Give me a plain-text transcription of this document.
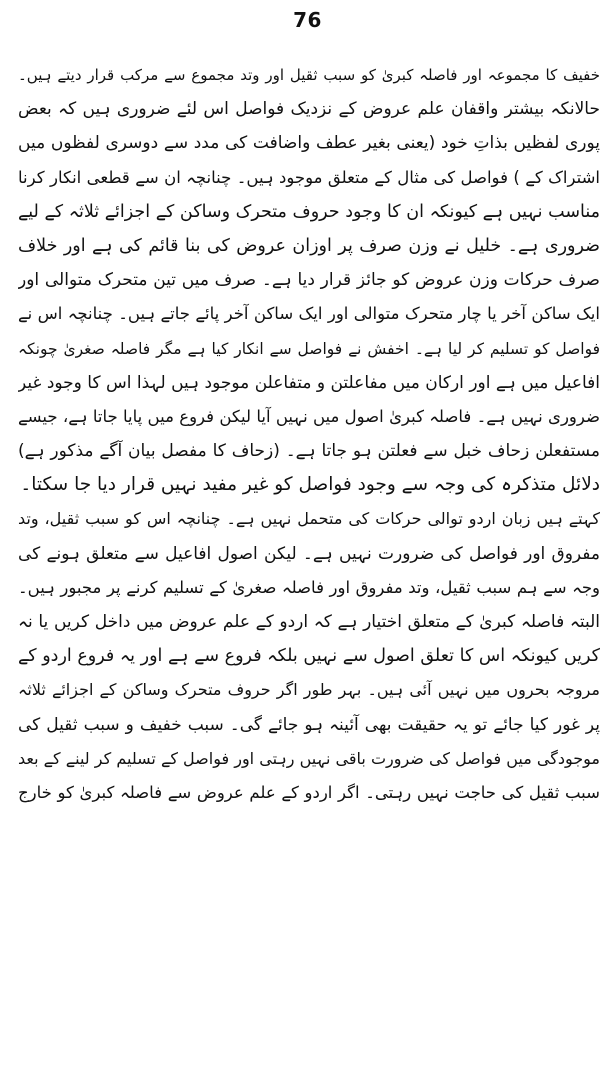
76
خفیف کا مجموعہ اور فاصلہ کبریٰ کو سبب ثقیل اور وتد مجموع سے مرکب قرار دیتے ہیں۔
حالانکہ بیشتر واقفان علم عروض کے نزدیک فواصل اس لئے ضروری ہیں کہ بعض
پوری لفظیں بذاتِ خود (یعنی بغیر عطف واضافت کی مدد سے دوسری لفظوں میں
اشتراک کے ) فواصل کی مثال کے متعلق موجود ہیں۔ چنانچہ ان سے قطعی انکار کرنا
مناسب نہیں ہے کیونکہ ان کا وجود حروف متحرک وساکن کے اجزائے ثلاثہ کے لیے
ضروری ہے۔ خلیل نے وزن صرف پر اوزان عروض کی بنا قائم کی ہے اور خلاف
صرف حرکات وزن عروض کو جائز قرار دیا ہے۔ صرف میں تین متحرک متوالی اور
ایک ساکن آخر یا چار متحرک متوالی اور ایک ساکن آخر پائے جاتے ہیں۔ چنانچہ اس نے
فواصل کو تسلیم کر لیا ہے۔ اخفش نے فواصل سے انکار کیا ہے مگر فاصلہ صغریٰ چونکہ
افاعیل میں ہے اور ارکان میں مفاعلتن و متفاعلن موجود ہیں لہذا اس کا وجود غیر
ضروری نہیں ہے۔ فاصلہ کبریٰ اصول میں نہیں آیا لیکن فروع میں پایا جاتا ہے، جیسے
مستفعلن زحاف خبل سے فعلتن ہو جاتا ہے۔ (زحاف کا مفصل بیان آگے مذکور ہے)
دلائل متذکرہ کی وجہ سے وجود فواصل کو غیر مفید نہیں قرار دیا جا سکتا۔
کہتے ہیں زبان اردو توالی حرکات کی متحمل نہیں ہے۔ چنانچہ اس کو سبب ثقیل، وتد
مفروق اور فواصل کی ضرورت نہیں ہے۔ لیکن اصول افاعیل سے متعلق ہونے کی
وجہ سے ہم سبب ثقیل، وتد مفروق اور فاصلہ صغریٰ کے تسلیم کرنے پر مجبور ہیں۔
البتہ فاصلہ کبریٰ کے متعلق اختیار ہے کہ اردو کے علم عروض میں داخل کریں یا نہ
کریں کیونکہ اس کا تعلق اصول سے نہیں بلکہ فروع سے ہے اور یہ فروع اردو کے
مروجہ بحروں میں نہیں آئی ہیں۔ بہر طور اگر حروف متحرک وساکن کے اجزائے ثلاثہ
پر غور کیا جائے تو یہ حقیقت بھی آئینہ ہو جائے گی۔ سبب خفیف و سبب ثقیل کی
موجودگی میں فواصل کی ضرورت باقی نہیں رہتی اور فواصل کے تسلیم کر لینے کے بعد
سبب ثقیل کی حاجت نہیں رہتی۔ اگر اردو کے علم عروض سے فاصلہ کبریٰ کو خارج
